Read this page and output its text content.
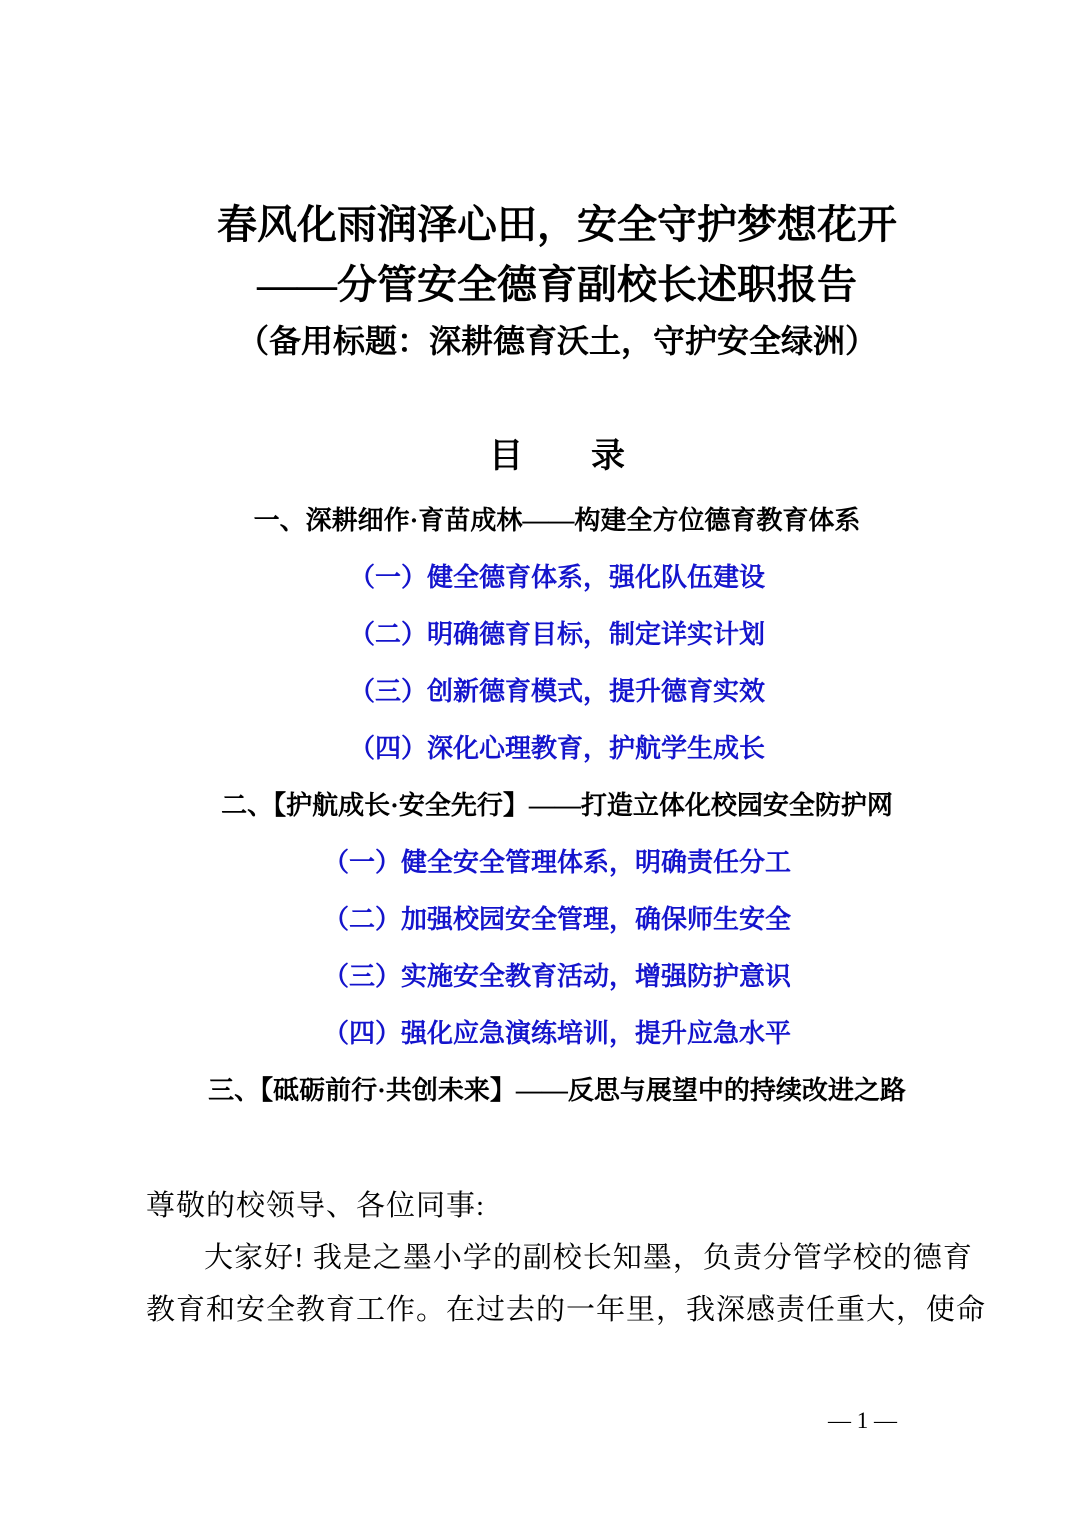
春风化雨润泽心田，安全守护梦想花开
——分管安全德育副校长述职报告
（备用标题：深耕德育沃土，守护安全绿洲）
目　　录
一、深耕细作·育苗成林——构建全方位德育教育体系
（一）健全德育体系，强化队伍建设
（二）明确德育目标，制定详实计划
（三）创新德育模式，提升德育实效
（四）深化心理教育，护航学生成长
二、【护航成长·安全先行】——打造立体化校园安全防护网
（一）健全安全管理体系，明确责任分工
（二）加强校园安全管理，确保师生安全
（三）实施安全教育活动，增强防护意识
（四）强化应急演练培训，提升应急水平
三、【砥砺前行·共创未来】——反思与展望中的持续改进之路

尊敬的校领导、各位同事:

大家好! 我是之墨小学的副校长知墨，负责分管学校的德育

教育和安全教育工作。在过去的一年里，我深感责任重大，使命

— 1 —
